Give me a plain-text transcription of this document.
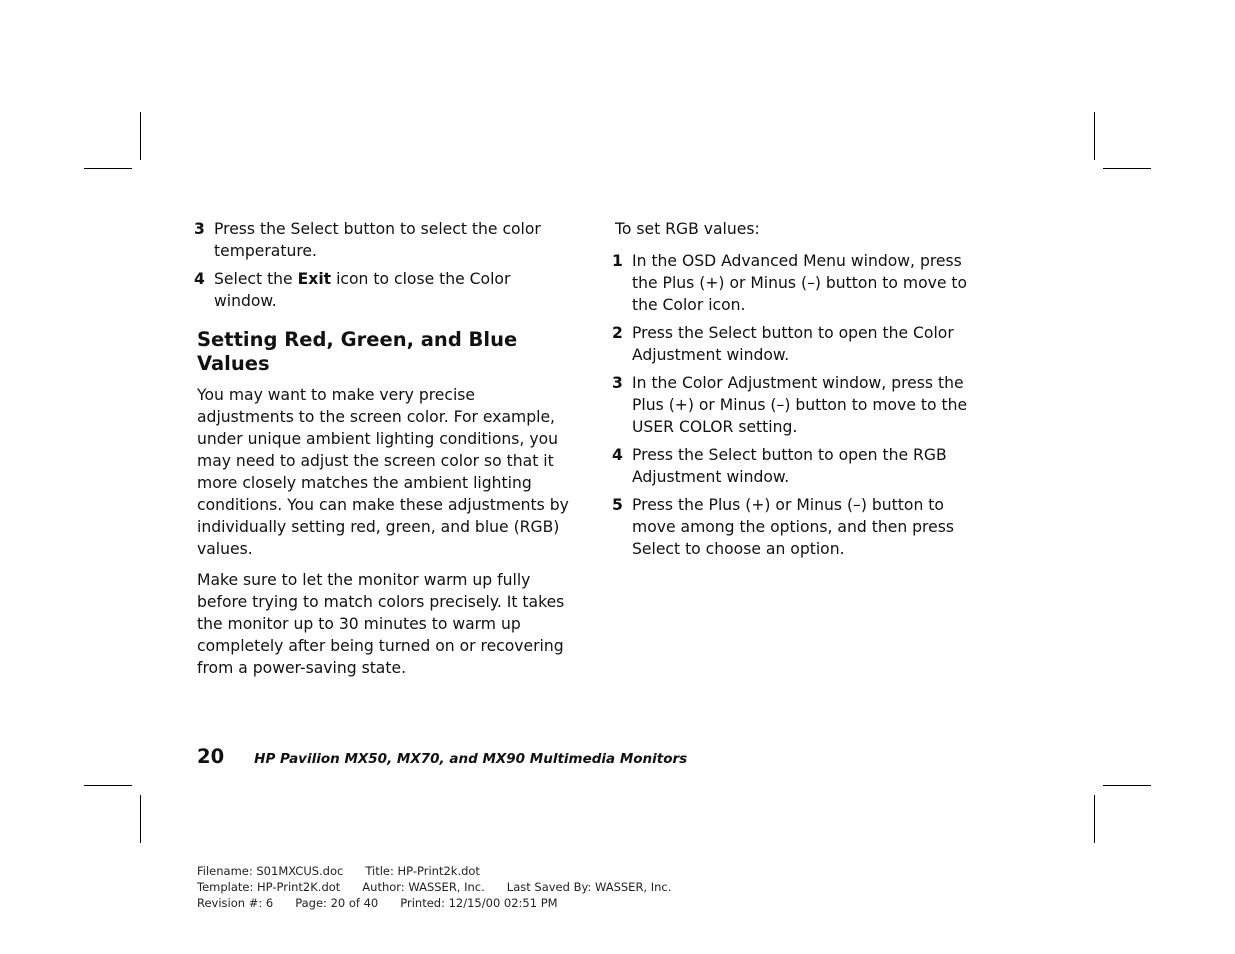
3 Press the Select button to select the color temperature.
4 Select the Exit icon to close the Color window.
Setting Red, Green, and Blue Values

You may want to make very precise adjustments to the screen color. For example, under unique ambient lighting conditions, you may need to adjust the screen color so that it more closely matches the ambient lighting conditions. You can make these adjustments by individually setting red, green, and blue (RGB) values.

Make sure to let the monitor warm up fully before trying to match colors precisely. It takes the monitor up to 30 minutes to warm up completely after being turned on or recovering from a power-saving state.

To set RGB values:

1 In the OSD Advanced Menu window, press the Plus (+) or Minus (–) button to move to the Color icon.
2 Press the Select button to open the Color Adjustment window.
3 In the Color Adjustment window, press the Plus (+) or Minus (–) button to move to the USER COLOR setting.
4 Press the Select button to open the RGB Adjustment window.
5 Press the Plus (+) or Minus (–) button to move among the options, and then press Select to choose an option.
20 HP Pavilion MX50, MX70, and MX90 Multimedia Monitors
Filename: S01MXCUS.doc Title: HP-Print2k.dot
Template: HP-Print2K.dot Author: WASSER, Inc. Last Saved By: WASSER, Inc.
Revision #: 6 Page: 20 of 40 Printed: 12/15/00 02:51 PM
